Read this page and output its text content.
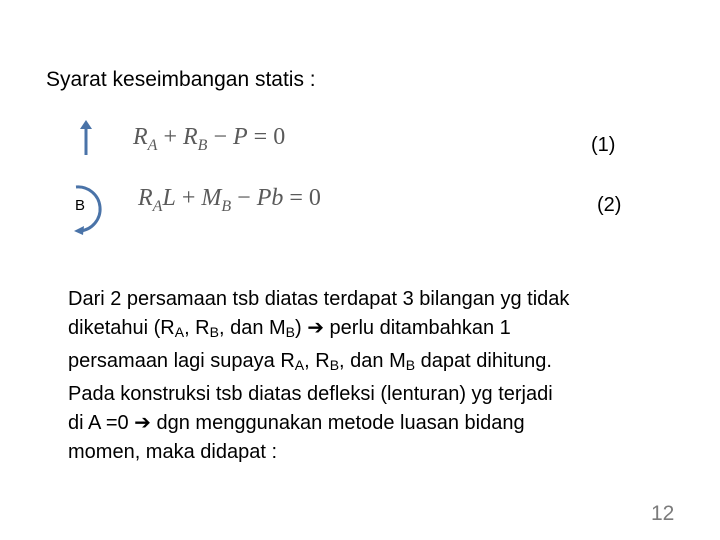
Syarat keseimbangan statis :
B
$R_A + R_B - P = 0$	(1)
$R_AL + M_B - Pb = 0$	(2)
Dari 2 persamaan tsb diatas terdapat 3 bilangan yg tidak
diketahui ($R_A$, $R_B$, dan $M_B$) ➔ perlu ditambahkan 1
persamaan lagi supaya $R_A$, $R_B$, dan $M_B$ dapat dihitung.
Pada konstruksi tsb diatas defleksi (lenturan) yg terjadi
di A =0 ➔ dgn menggunakan metode luasan bidang
momen, maka didapat :
12
